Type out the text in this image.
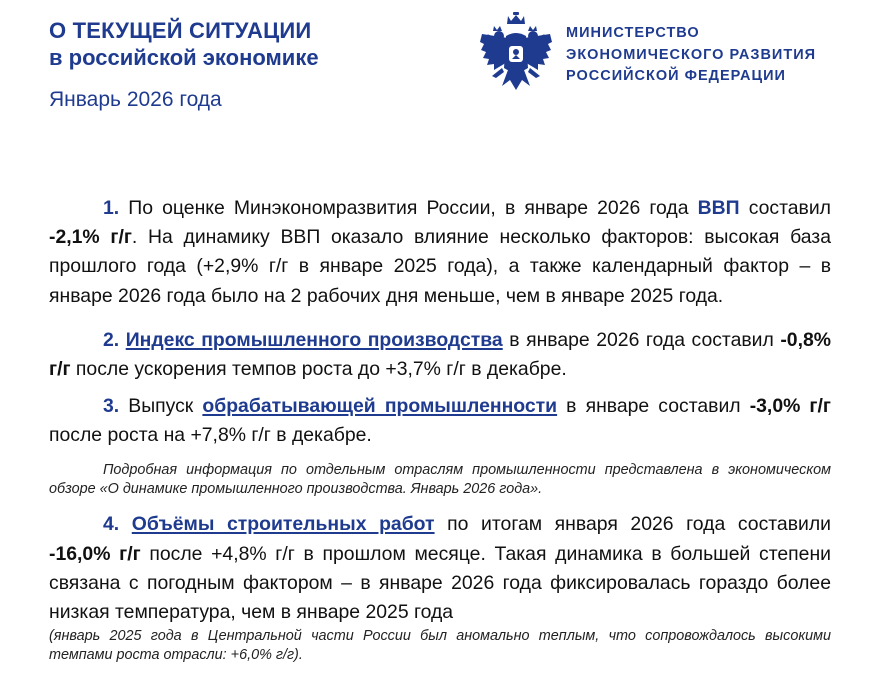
О ТЕКУЩЕЙ СИТУАЦИИ
в российской экономике
Январь 2026 года
МИНИСТЕРСТВО
ЭКОНОМИЧЕСКОГО РАЗВИТИЯ
РОССИЙСКОЙ ФЕДЕРАЦИИ

1. По оценке Минэкономразвития России, в январе 2026 года ВВП составил -2,1% г/г. На динамику ВВП оказало влияние несколько факторов: высокая база прошлого года (+2,9% г/г в январе 2025 года), а также календарный фактор – в январе 2026 года было на 2 рабочих дня меньше, чем в январе 2025 года.

2. Индекс промышленного производства в январе 2026 года составил -0,8% г/г после ускорения темпов роста до +3,7% г/г в декабре.

3. Выпуск обрабатывающей промышленности в январе составил -3,0% г/г после роста на +7,8% г/г в декабре.

Подробная информация по отдельным отраслям промышленности представлена в экономическом обзоре «О динамике промышленного производства. Январь 2026 года».

4. Объёмы строительных работ по итогам января 2026 года составили -16,0% г/г после +4,8% г/г в прошлом месяце. Такая динамика в большей степени связана с погодным фактором – в январе 2026 года фиксировалась гораздо более низкая температура, чем в январе 2025 года

(январь 2025 года в Центральной части России был аномально теплым, что сопровождалось высокими темпами роста отрасли: +6,0% г/г).
